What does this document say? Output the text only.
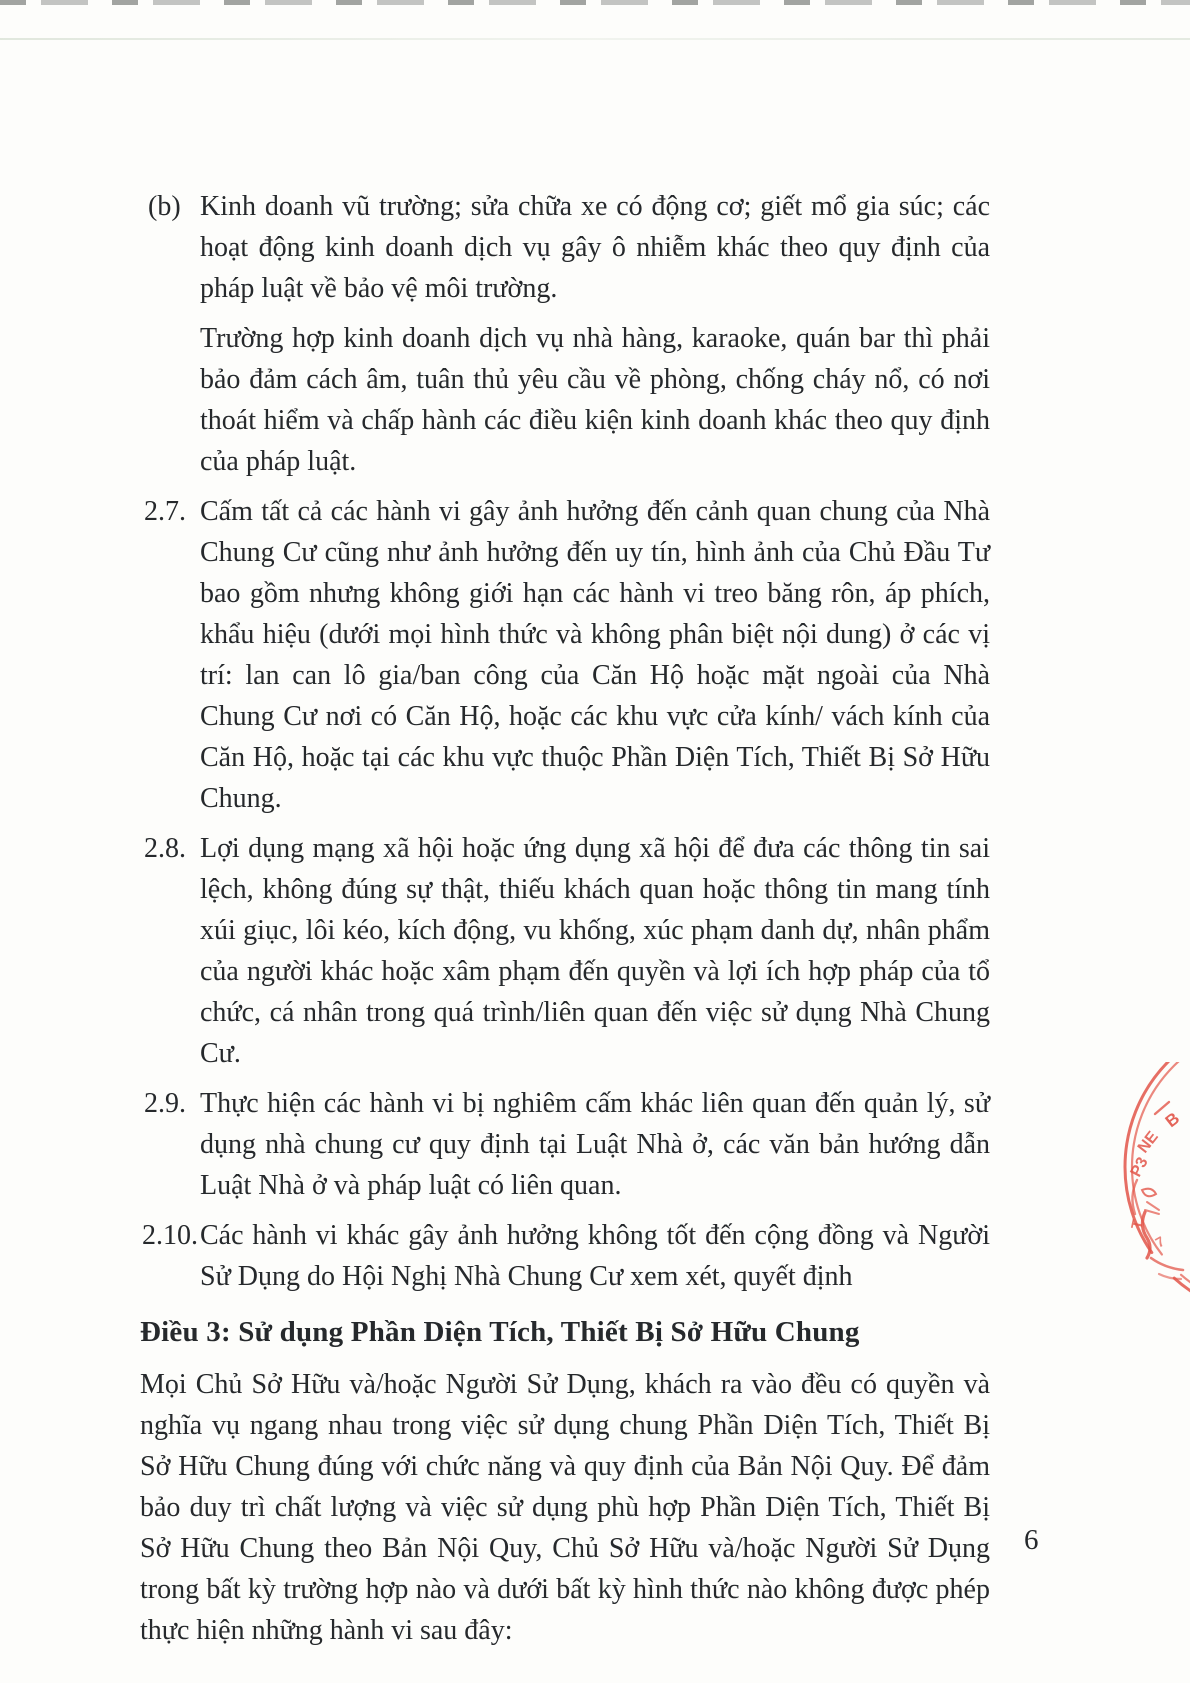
(b) Kinh doanh vũ trường; sửa chữa xe có động cơ; giết mổ gia súc; các hoạt động kinh doanh dịch vụ gây ô nhiễm khác theo quy định của pháp luật về bảo vệ môi trường.

Trường hợp kinh doanh dịch vụ nhà hàng, karaoke, quán bar thì phải bảo đảm cách âm, tuân thủ yêu cầu về phòng, chống cháy nổ, có nơi thoát hiểm và chấp hành các điều kiện kinh doanh khác theo quy định của pháp luật.

2.7. Cấm tất cả các hành vi gây ảnh hưởng đến cảnh quan chung của Nhà Chung Cư cũng như ảnh hưởng đến uy tín, hình ảnh của Chủ Đầu Tư bao gồm nhưng không giới hạn các hành vi treo băng rôn, áp phích, khẩu hiệu (dưới mọi hình thức và không phân biệt nội dung) ở các vị trí: lan can lô gia/ban công của Căn Hộ hoặc mặt ngoài của Nhà Chung Cư nơi có Căn Hộ, hoặc các khu vực cửa kính/ vách kính của Căn Hộ, hoặc tại các khu vực thuộc Phần Diện Tích, Thiết Bị Sở Hữu Chung.

2.8. Lợi dụng mạng xã hội hoặc ứng dụng xã hội để đưa các thông tin sai lệch, không đúng sự thật, thiếu khách quan hoặc thông tin mang tính xúi giục, lôi kéo, kích động, vu khống, xúc phạm danh dự, nhân phẩm của người khác hoặc xâm phạm đến quyền và lợi ích hợp pháp của tổ chức, cá nhân trong quá trình/liên quan đến việc sử dụng Nhà Chung Cư.

2.9. Thực hiện các hành vi bị nghiêm cấm khác liên quan đến quản lý, sử dụng nhà chung cư quy định tại Luật Nhà ở, các văn bản hướng dẫn Luật Nhà ở và pháp luật có liên quan.

2.10. Các hành vi khác gây ảnh hưởng không tốt đến cộng đồng và Người Sử Dụng do Hội Nghị Nhà Chung Cư xem xét, quyết định

Điều 3: Sử dụng Phần Diện Tích, Thiết Bị Sở Hữu Chung

Mọi Chủ Sở Hữu và/hoặc Người Sử Dụng, khách ra vào đều có quyền và nghĩa vụ ngang nhau trong việc sử dụng chung Phần Diện Tích, Thiết Bị Sở Hữu Chung đúng với chức năng và quy định của Bản Nội Quy. Để đảm bảo duy trì chất lượng và việc sử dụng phù hợp Phần Diện Tích, Thiết Bị Sở Hữu Chung theo Bản Nội Quy, Chủ Sở Hữu và/hoặc Người Sử Dụng trong bất kỳ trường hợp nào và dưới bất kỳ hình thức nào không được phép thực hiện những hành vi sau đây:

B
NE
P3
T
7
6
